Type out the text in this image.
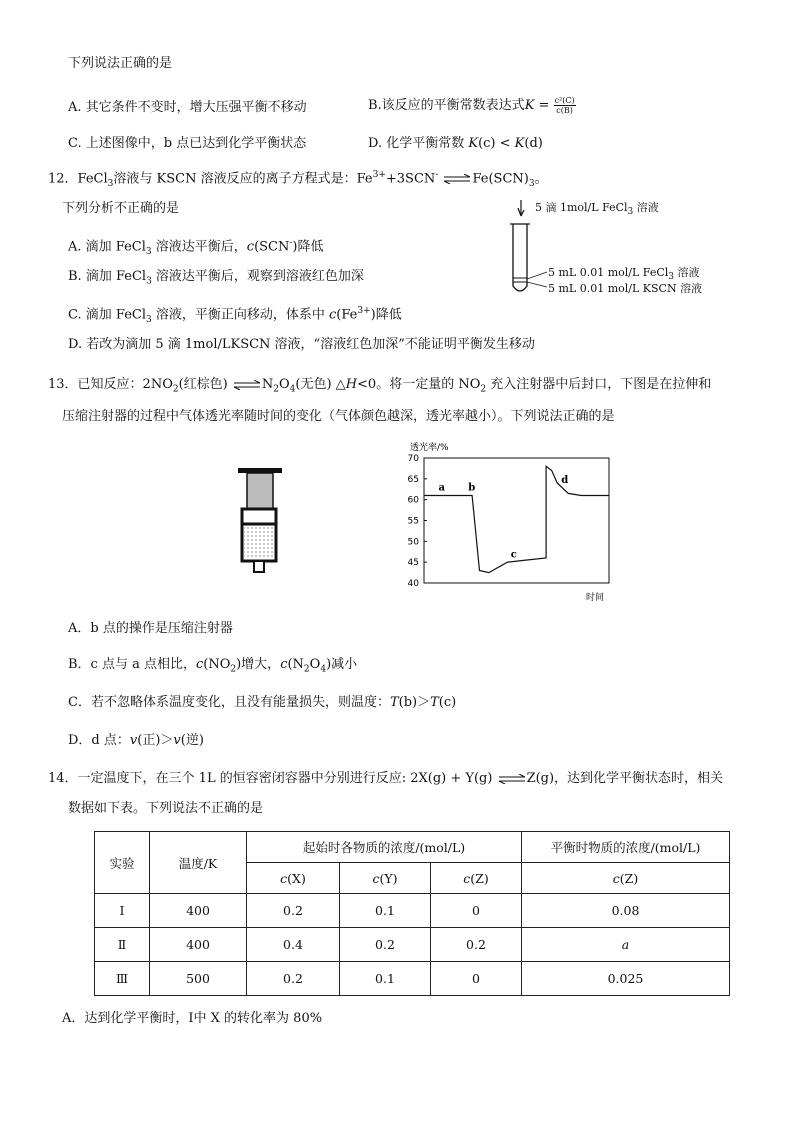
下列说法正确的是
A. 其它条件不变时，增大压强平衡不移动	B.该反应的平衡常数表达式$K = \frac{\text{c²(C)}}{c(B)}$
C. 上述图像中，b 点已达到化学平衡状态	D. 化学平衡常数 K(c) < K(d)
12．FeCl$_3$溶液与 KSCN 溶液反应的离子方程式是：$Fe^{3+}+3SCN^-$ $\rightleftharpoons Fe(SCN)_3$。
下列分析不正确的是
A. 滴加 FeCl$_3$ 溶液达平衡后，c(SCN-)降低
B. 滴加 FeCl$_3$ 溶液达平衡后，观察到溶液红色加深
C. 滴加 FeCl$_3$ 溶液，平衡正向移动，体系中 $c(Fe^{3+})$降低
D. 若改为滴加 5 滴 1mol/LKSCN 溶液，“溶液红色加深”不能证明平衡发生移动
5 滴 1mol/L FeCl$_3$ 溶液
5 mL 0.01 mol/L FeCl$_3$ 溶液
5 mL 0.01 mol/L KSCN 溶液
13．已知反应：$2NO_2$(红棕色) $\rightleftharpoons N_2O_4$(无色) △H<0。将一定量的 $NO_2$ 充入注射器中后封口，下图是在拉伸和
压缩注射器的过程中气体透光率随时间的变化（气体颜色越深，透光率越小）。下列说法正确的是
透光率/%
时间
70
65
60
55
50
45
40
a b
c
d
A．b 点的操作是压缩注射器
B．c 点与 a 点相比，$c(NO_2)$增大，$c(N_2O_4)$减小
C．若不忽略体系温度变化，且没有能量损失，则温度：T(b)＞T(c)
D．d 点：v(正)＞v(逆)
14．一定温度下，在三个 1L 的恒容密闭容器中分别进行反应: 2X(g) + Y(g) ⇌Z(g)，达到化学平衡状态时，相关
数据如下表。下列说法不正确的是
实验	温度/K	起始时各物质的浓度/(mol/L)			平衡时物质的浓度/(mol/L)
		c(X)	c(Y)	c(Z)	c(Z)
Ⅰ	400	0.2	0.1	0	0.08
Ⅱ	400	0.4	0.2	0.2	a
Ⅲ	500	0.2	0.1	0	0.025
A．达到化学平衡时，Ⅰ中 X 的转化率为 80%
